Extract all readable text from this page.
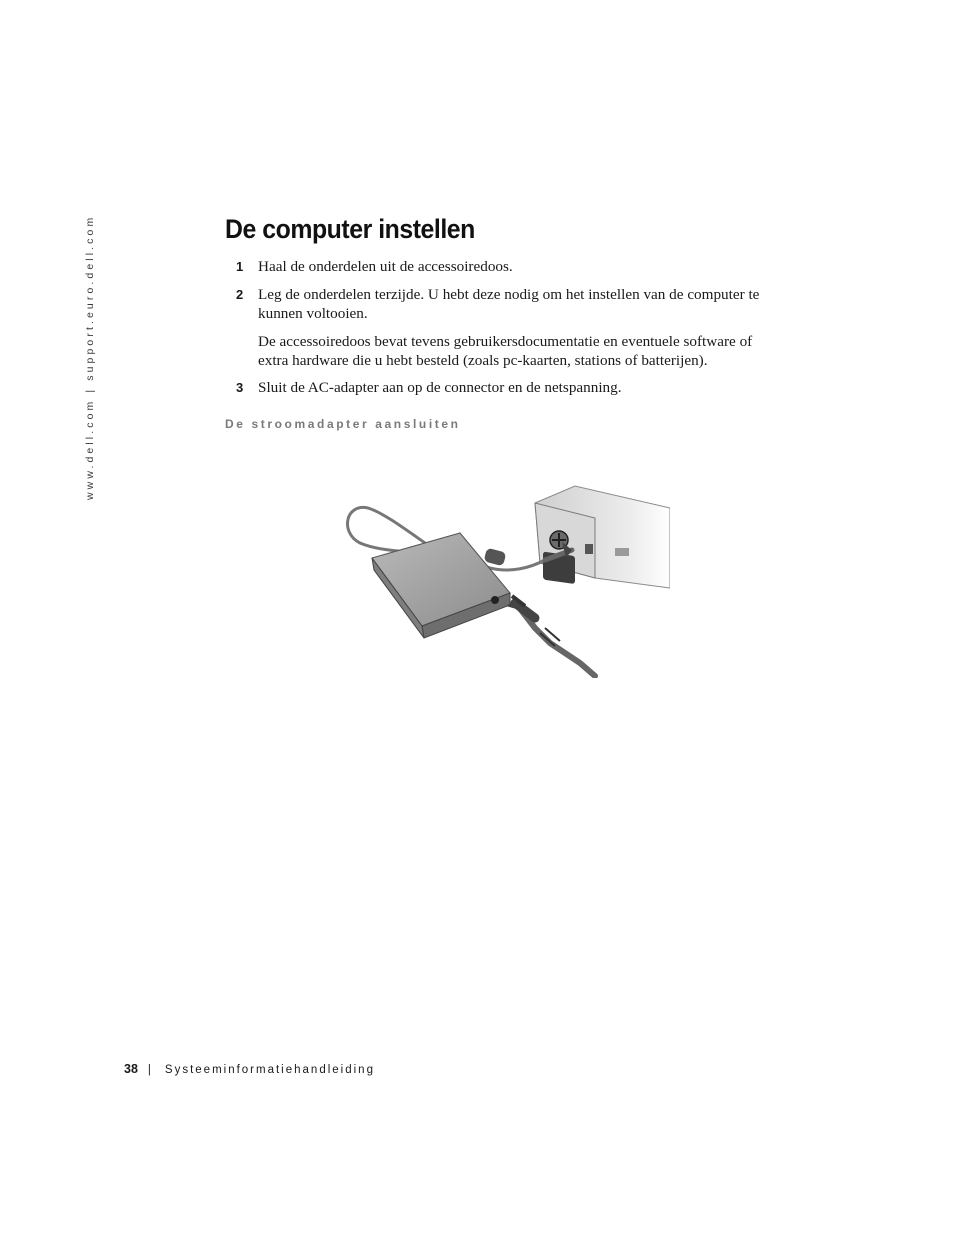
www.dell.com | support.euro.dell.com	De computer instellen
1 Haal de onderdelen uit de accessoiredoos.
2 Leg de onderdelen terzijde. U hebt deze nodig om het instellen van de computer te kunnen voltooien.
De accessoiredoos bevat tevens gebruikersdocumentatie en eventuele software of extra hardware die u hebt besteld (zoals pc-kaarten, stations of batterijen).
3 Sluit de AC-adapter aan op de connector en de netspanning.
De stroomadapter aansluiten
38 | Systeeminformatiehandleiding
